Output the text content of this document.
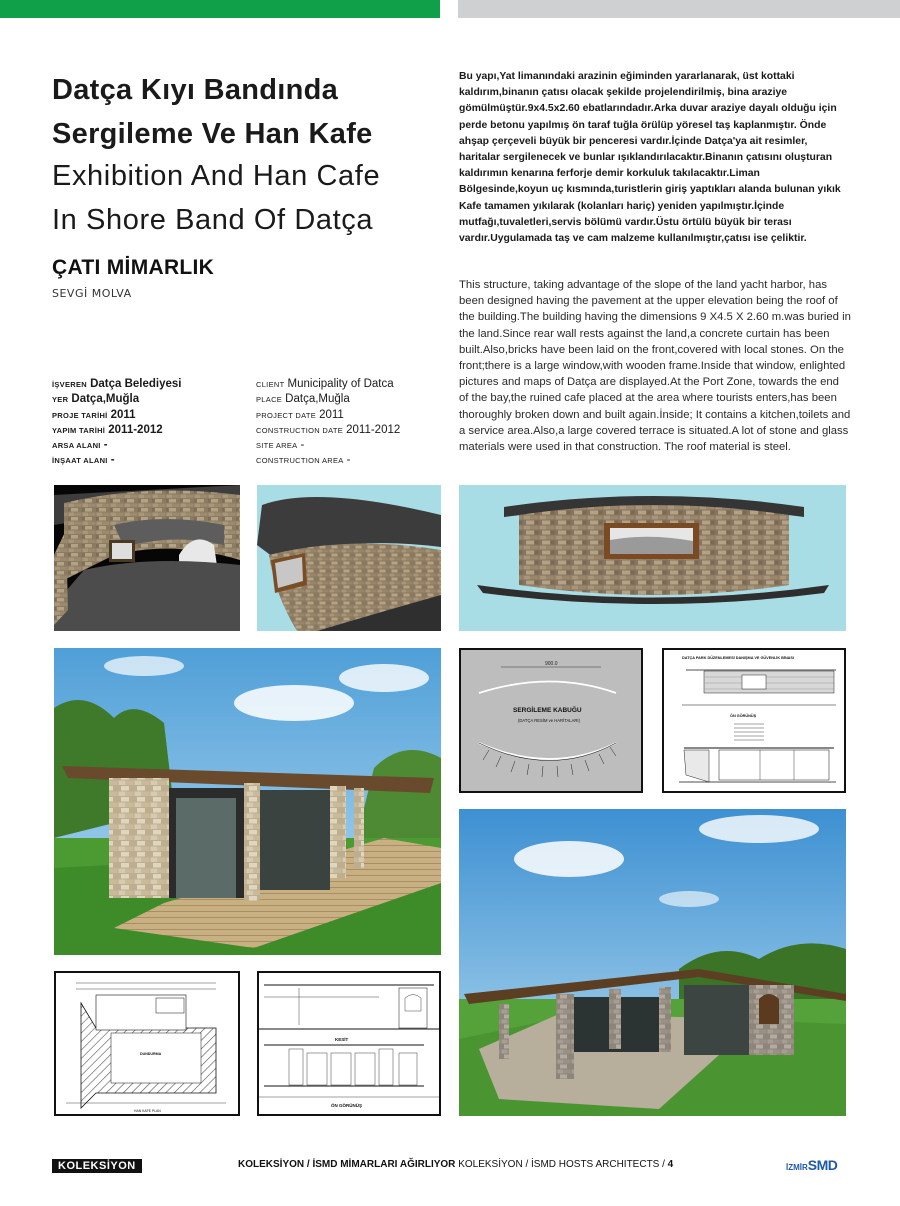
Datça Kıyı Bandında
Sergileme Ve Han Kafe
Exhibition And Han Cafe
In Shore Band Of Datça
ÇATI MİMARLIK
SEVGİ MOLVA
İŞVEREN Datça Belediyesi
YER Datça,Muğla
PROJE TARİHİ 2011
YAPIM TARİHİ 2011-2012
ARSA ALANI -
İNŞAAT ALANI -
CLIENT Municipality of Datca
PLACE Datça,Muğla
PROJECT DATE 2011
CONSTRUCTION DATE 2011-2012
SITE AREA -
CONSTRUCTION AREA -
Bu yapı,Yat limanındaki arazinin eğiminden yararlanarak, üst kottaki kaldırım,binanın çatısı olacak şekilde projelendirilmiş, bina araziye gömülmüştür.9x4.5x2.60 ebatlarındadır.Arka duvar araziye dayalı olduğu için perde betonu yapılmış ön taraf tuğla örülüp yöresel taş kaplanmıştır. Önde ahşap çerçeveli büyük bir penceresi vardır.İçinde Datça'ya ait resimler, haritalar sergilenecek ve bunlar ışıklandırılacaktır.Binanın çatısını oluşturan kaldırımın kenarına ferforje demir korkuluk takılacaktır.Liman Bölgesinde,koyun uç kısmında,turistlerin giriş yaptıkları alanda bulunan yıkık Kafe tamamen yıkılarak (kolanları hariç) yeniden yapılmıştır.İçinde mutfağı,tuvaletleri,servis bölümü vardır.Üstu örtülü büyük bir terası vardır.Uygulamada taş ve cam malzeme kullanılmıştır,çatısı ise çeliktir.
This structure, taking advantage of the slope of the land yacht harbor, has been designed having the pavement at the upper elevation being the roof of the building.The building having the dimensions 9 X4.5 X 2.60 m.was buried in the land.Since rear wall rests against the land,a concrete curtain has been built.Also,bricks have been laid on the front,covered with local stones. On the front;there is a large window,with wooden frame.Inside that window, enlighted pictures and maps of Datça are displayed.At the Port Zone, towards the end of the bay,the ruined cafe placed at the area where tourists enters,has been thoroughly broken down and built again.İnside; It contains a kitchen,toilets and a service area.Also,a large covered terrace is situated.A lot of stone and glass materials were used in that construction. The roof material is steel.
900.0
SERGİLEME KABUĞU
(DATÇA RESİM ve HARİTALARI)
DATÇA PARK DÜZENLEMESİ DANIŞMA VE GÜVENLİK BİNASI
ÖN GÖRÜNÜŞ
DUNDURMA
HAN KAFE PLAN
KESİT
ÖN GÖRÜNÜŞ
KOLEKSİYON	KOLEKSİYON / İSMD MİMARLARI AĞIRLIYOR KOLEKSİYON / İSMD HOSTS ARCHITECTS / 4	İZMİRSMD
